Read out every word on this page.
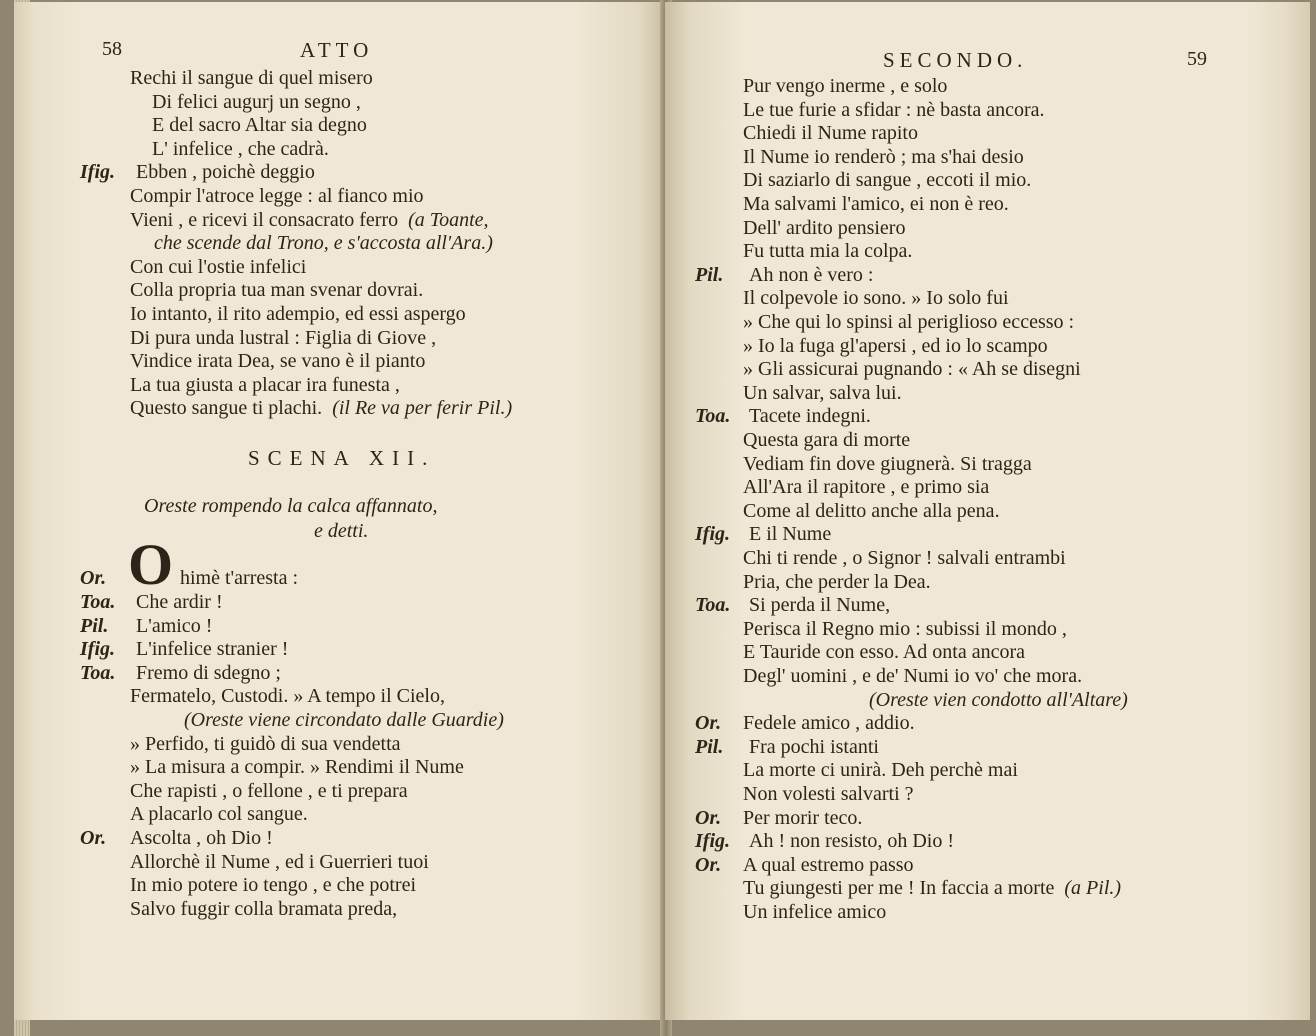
58	ATTO
Rechi il sangue di quel misero
Di felici augurj un segno ,
E del sacro Altar sia degno
L' infelice , che cadrà.
Ifig. Ebben , poichè deggio
Compir l'atroce legge : al fianco mio
Vieni , e ricevi il consacrato ferro (a Toante,
che scende dal Trono, e s'accosta all'Ara.)
Con cui l'ostie infelici
Colla propria tua man svenar dovrai.
Io intanto, il rito adempio, ed essi aspergo
Di pura unda lustral : Figlia di Giove ,
Vindice irata Dea, se vano è il pianto
La tua giusta a placar ira funesta ,
Questo sangue ti plachi. (il Re va per ferir Pil.)
SCENA XII.
Oreste rompendo la calca affannato,
e detti.
Or. O himè t'arresta :
Toa. Che ardir !
Pil. L'amico !
Ifig. L'infelice stranier !
Toa. Fremo di sdegno ;
Fermatelo, Custodi. » A tempo il Cielo,
(Oreste viene circondato dalle Guardie)
» Perfido, ti guidò di sua vendetta
» La misura a compir. » Rendimi il Nume
Che rapisti , o fellone , e ti prepara
A placarlo col sangue.
Or. Ascolta , oh Dio !
Allorchè il Nume , ed i Guerrieri tuoi
In mio potere io tengo , e che potrei
Salvo fuggir colla bramata preda,
SECONDO.	59
Pur vengo inerme , e solo
Le tue furie a sfidar : nè basta ancora.
Chiedi il Nume rapito
Il Nume io renderò ; ma s'hai desio
Di saziarlo di sangue , eccoti il mio.
Ma salvami l'amico, ei non è reo.
Dell' ardito pensiero
Fu tutta mia la colpa.
Pil. Ah non è vero :
Il colpevole io sono. » Io solo fui
» Che qui lo spinsi al periglioso eccesso :
» Io la fuga gl'apersi , ed io lo scampo
» Gli assicurai pugnando : « Ah se disegni
Un salvar, salva lui.
Toa. Tacete indegni.
Questa gara di morte
Vediam fin dove giugnerà. Si tragga
All'Ara il rapitore , e primo sia
Come al delitto anche alla pena.
Ifig. E il Nume
Chi ti rende , o Signor ! salvali entrambi
Pria, che perder la Dea.
Toa. Si perda il Nume,
Perisca il Regno mio : subissi il mondo ,
E Tauride con esso. Ad onta ancora
Degl' uomini , e de' Numi io vo' che mora.
(Oreste vien condotto all'Altare)
Or. Fedele amico , addio.
Pil. Fra pochi istanti
La morte ci unirà. Deh perchè mai
Non volesti salvarti ?
Or. Per morir teco.
Ifig. Ah ! non resisto, oh Dio !
Or. A qual estremo passo
Tu giungesti per me ! In faccia a morte (a Pil.)
Un infelice amico
